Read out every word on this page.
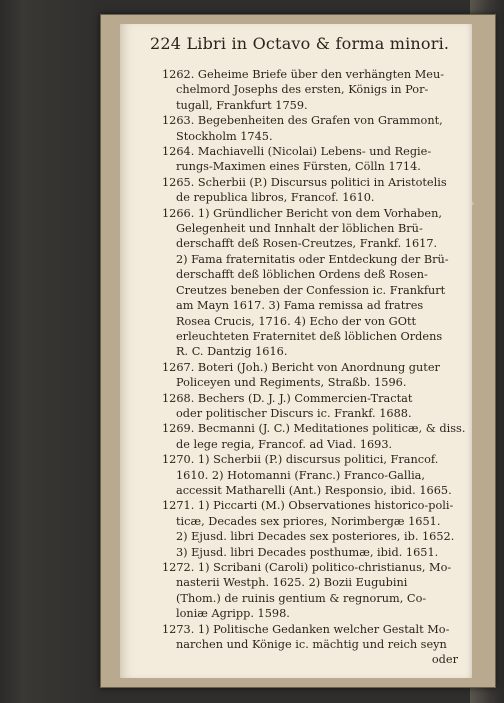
224 Libri in Octavo & forma minori.
1262. Geheime Briefe über den verhängten Meu-
chelmord Josephs des ersten, Königs in Por-
tugall, Frankfurt 1759.
1263. Begebenheiten des Grafen von Grammont,
Stockholm 1745.
1264. Machiavelli (Nicolai) Lebens- und Regie-
rungs-Maximen eines Fürsten, Cölln 1714.
1265. Scherbii (P.) Discursus politici in Aristotelis
de republica libros, Francof. 1610.
1266. 1) Gründlicher Bericht von dem Vorhaben,
Gelegenheit und Innhalt der löblichen Brü-
derschafft deß Rosen-Creutzes, Frankf. 1617.
2) Fama fraternitatis oder Entdeckung der Brü-
derschafft deß löblichen Ordens deß Rosen-
Creutzes beneben der Confession ic. Frankfurt
am Mayn 1617. 3) Fama remissa ad fratres
Rosea Crucis, 1716. 4) Echo der von GOtt
erleuchteten Fraternitet deß löblichen Ordens
R. C. Dantzig 1616.
1267. Boteri (Joh.) Bericht von Anordnung guter
Policeyen und Regiments, Straßb. 1596.
1268. Bechers (D. J. J.) Commercien-Tractat
oder politischer Discurs ic. Frankf. 1688.
1269. Becmanni (J. C.) Meditationes politicæ, & diss.
de lege regia, Francof. ad Viad. 1693.
1270. 1) Scherbii (P.) discursus politici, Francof.
1610. 2) Hotomanni (Franc.) Franco-Gallia,
accessit Matharelli (Ant.) Responsio, ibid. 1665.
1271. 1) Piccarti (M.) Observationes historico-poli-
ticæ, Decades sex priores, Norimbergæ 1651.
2) Ejusd. libri Decades sex posteriores, ib. 1652.
3) Ejusd. libri Decades posthumæ, ibid. 1651.
1272. 1) Scribani (Caroli) politico-christianus, Mo-
nasterii Westph. 1625. 2) Bozii Eugubini
(Thom.) de ruinis gentium & regnorum, Co-
loniæ Agripp. 1598.
1273. 1) Politische Gedanken welcher Gestalt Mo-
narchen und Könige ic. mächtig und reich seyn
oder
›
